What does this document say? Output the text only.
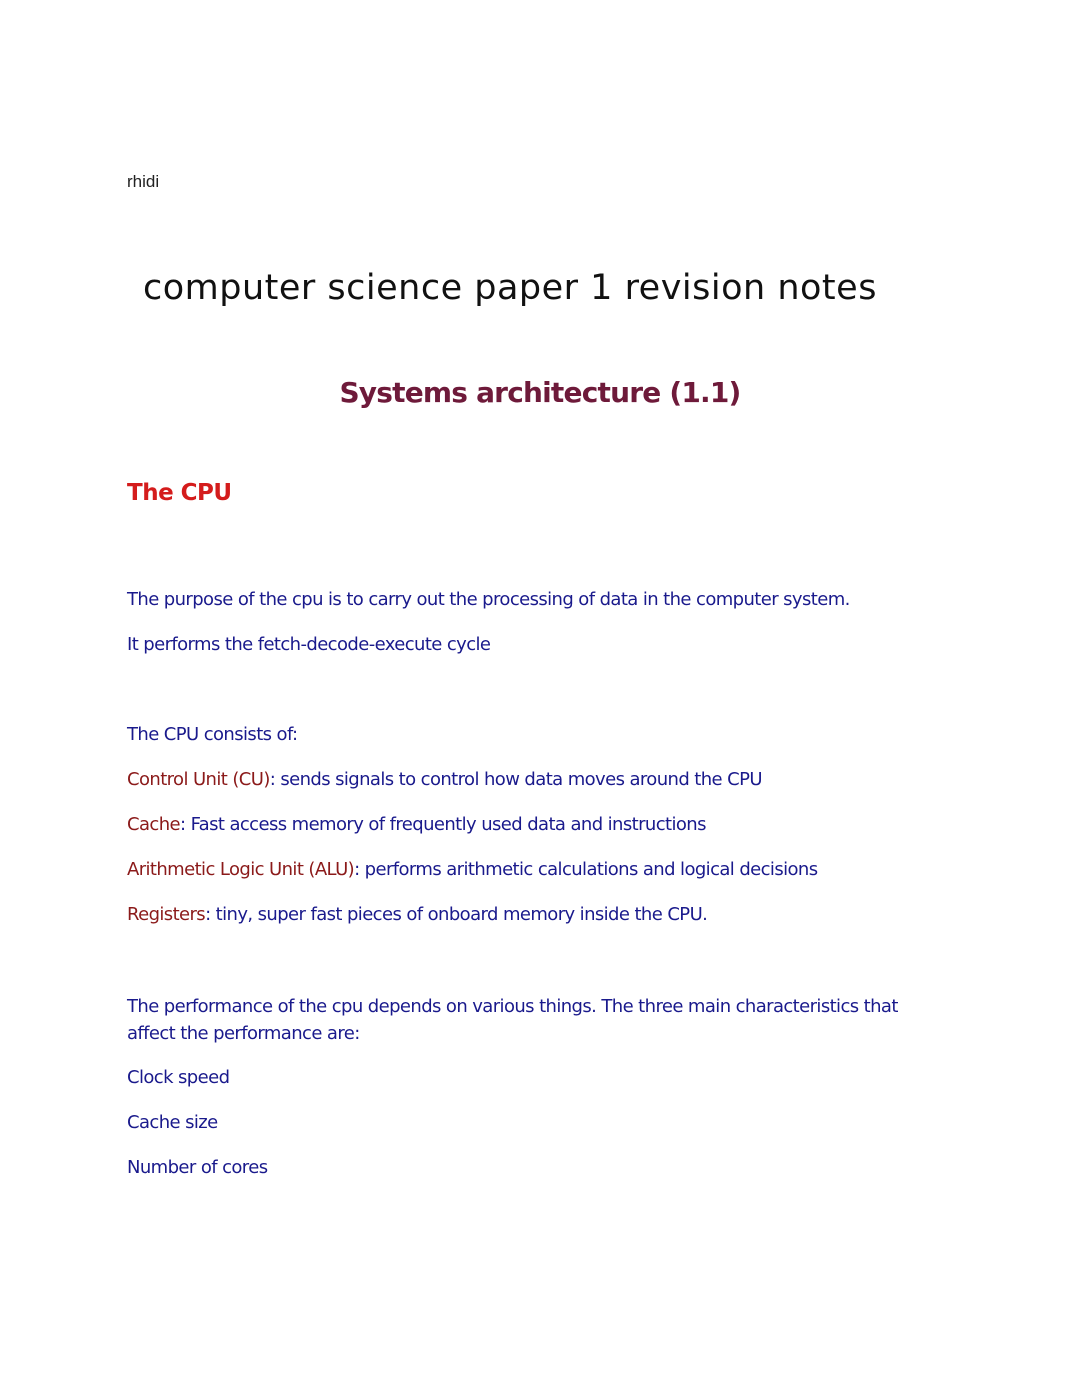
rhidi
computer science paper 1 revision notes
Systems architecture (1.1)
The CPU
The purpose of the cpu is to carry out the processing of data in the computer system.
It performs the fetch-decode-execute cycle
The CPU consists of:
Control Unit (CU): sends signals to control how data moves around the CPU
Cache: Fast access memory of frequently used data and instructions
Arithmetic Logic Unit (ALU): performs arithmetic calculations and logical decisions
Registers: tiny, super fast pieces of onboard memory inside the CPU.
The performance of the cpu depends on various things. The three main characteristics that affect the performance are:
Clock speed
Cache size
Number of cores
